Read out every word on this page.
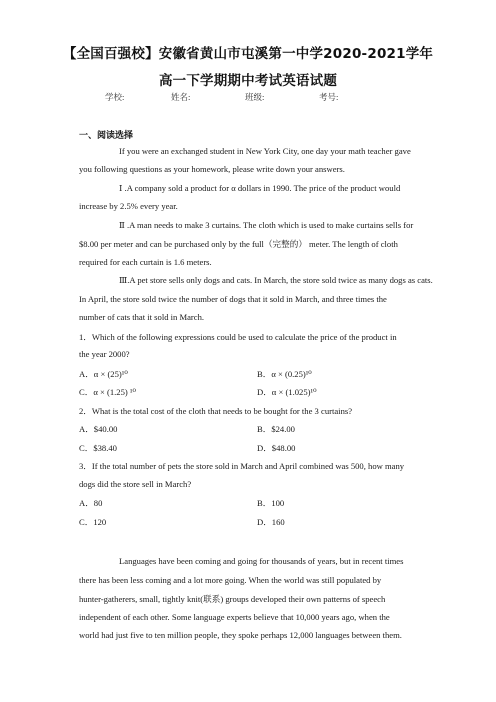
【全国百强校】安徽省黄山市屯溪第一中学2020-2021学年
高一下学期期中考试英语试题
学校:	姓名:	班级:	考号:
一、阅读选择
If you were an exchanged student in New York City, one day your math teacher gave
you following questions as your homework, please write down your answers.
Ⅰ .A company sold a product for α dollars in 1990. The price of the product would
increase by 2.5% every year.
Ⅱ .A man needs to make 3 curtains. The cloth which is used to make curtains sells for
$8.00 per meter and can be purchased only by the full（完整的） meter. The length of cloth
required for each curtain is 1.6 meters.
Ⅲ.A pet store sells only dogs and cats. In March, the store sold twice as many dogs as cats.
In April, the store sold twice the number of dogs that it sold in March, and three times the
number of cats that it sold in March.
1．Which of the following expressions could be used to calculate the price of the product in
the year 2000?
A．α × (25)¹⁰	B．α × (0.25)¹⁰
C．α × (1.25) ¹⁰	D．α × (1.025)¹⁰
2．What is the total cost of the cloth that needs to be bought for the 3 curtains?
A．$40.00	B．$24.00
C．$38.40	D．$48.00
3．If the total number of pets the store sold in March and April combined was 500, how many
dogs did the store sell in March?
A．80	B．100
C．120	D．160
Languages have been coming and going for thousands of years, but in recent times
there has been less coming and a lot more going. When the world was still populated by
hunter-gatherers, small, tightly knit(联系) groups developed their own patterns of speech
independent of each other. Some language experts believe that 10,000 years ago, when the
world had just five to ten million people, they spoke perhaps 12,000 languages between them.
